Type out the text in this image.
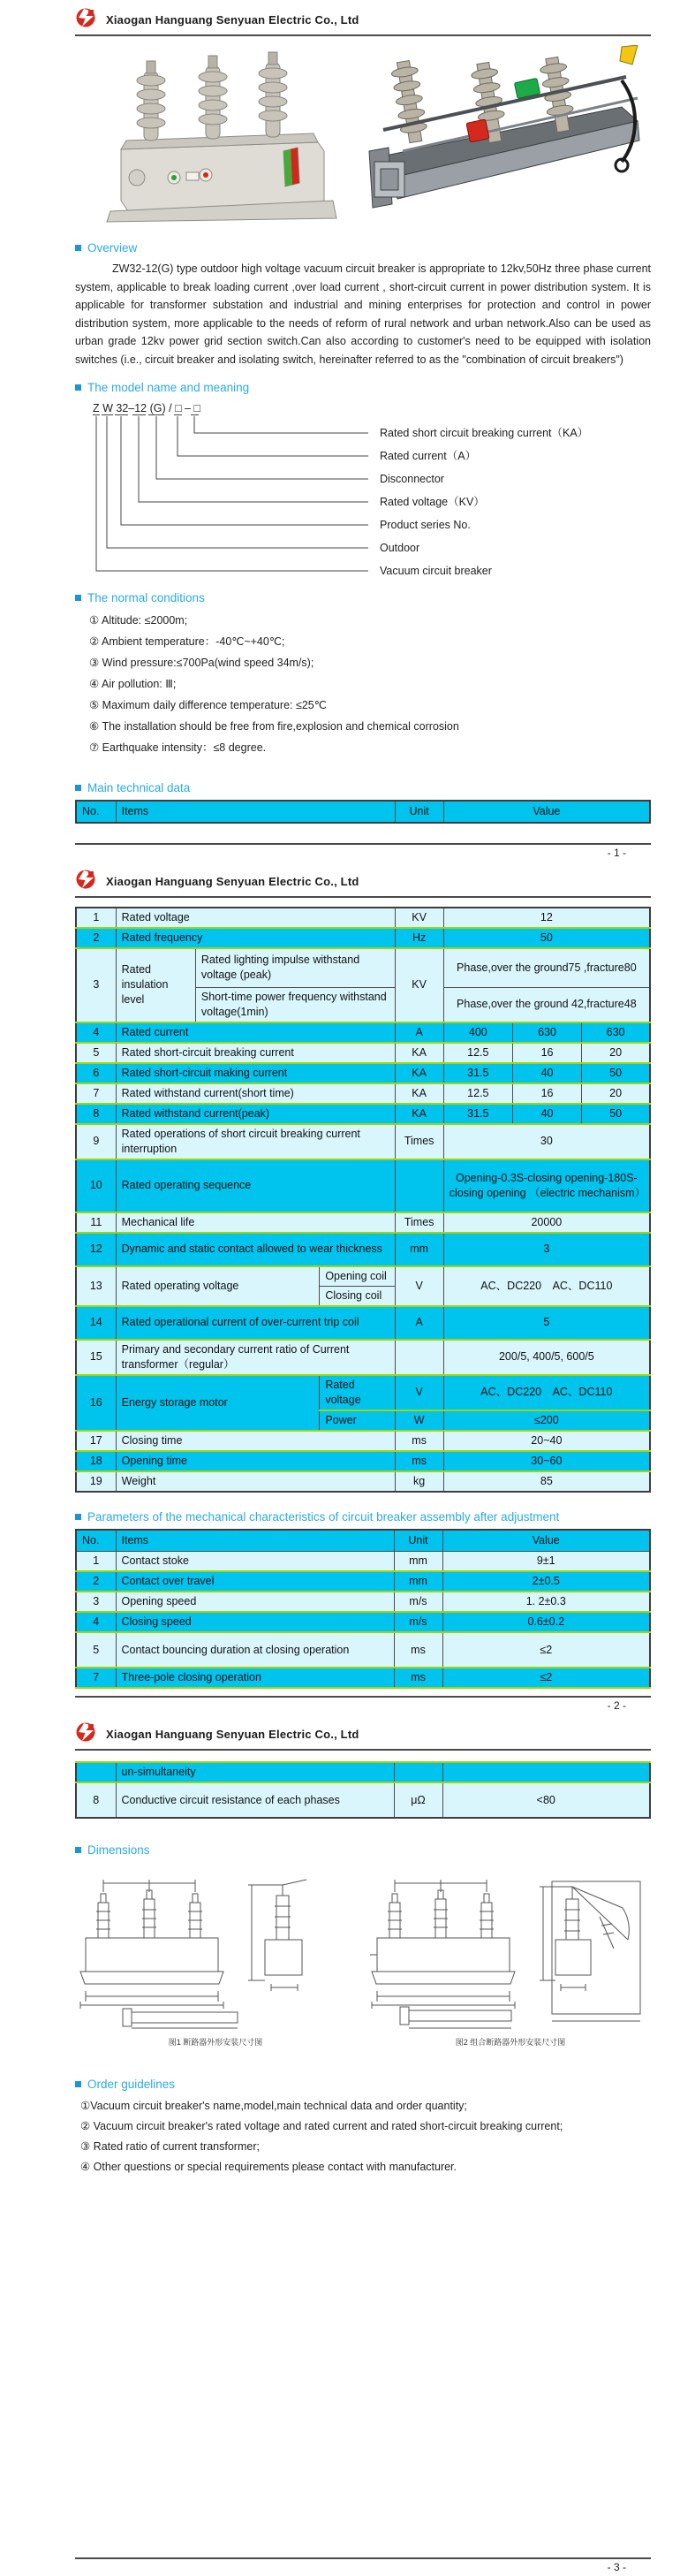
Xiaogan Hanguang Senyuan Electric Co., Ltd
Overview
ZW32-12(G) type outdoor high voltage vacuum circuit breaker is appropriate to 12kv,50Hz three phase current system, applicable to break loading current ,over load current , short-circuit current in power distribution system. It is applicable for transformer substation and industrial and mining enterprises for protection and control in power distribution system, more applicable to the needs of reform of rural network and urban network.Also can be used as urban grade 12kv power grid section switch.Can also according to customer's need to be equipped with isolation switches (i.e., circuit breaker and isolating switch, hereinafter referred to as the "combination of circuit breakers")
The model name and meaning
Z W 32–12 (G) / □ – □
Rated short circuit breaking current（KA）
Rated current（A）
Disconnector
Rated voltage（KV）
Product series No.
Outdoor
Vacuum circuit breaker
The normal conditions
① Altitude: ≤2000m;
② Ambient temperature：-40℃~+40℃;
③ Wind pressure:≤700Pa(wind speed 34m/s);
④ Air pollution: Ⅲ;
⑤ Maximum daily difference temperature: ≤25℃
⑥ The installation should be free from fire,explosion and chemical corrosion
⑦ Earthquake intensity：≤8 degree.
Main technical data
No.	Items	Unit	Value
- 1 -
Xiaogan Hanguang Senyuan Electric Co., Ltd
1	Rated voltage			KV	12		
2	Rated frequency			Hz	50		
3	Rated insulation level	Rated lighting impulse withstand voltage (peak)		KV	Phase,over the ground75 ,fracture80		
		Short-time power frequency withstand voltage(1min)			Phase,over the ground 42,fracture48		
4	Rated current			A	400	630	630
5	Rated short-circuit breaking current			KA	12.5	16	20
6	Rated short-circuit making current			KA	31.5	40	50
7	Rated withstand current(short time)			KA	12.5	16	20
8	Rated withstand current(peak)			KA	31.5	40	50
9	Rated operations of short circuit breaking current interruption			Times	30		
10	Rated operating sequence				Opening-0.3S-closing opening-180S-closing opening （electric mechanism）		
11	Mechanical life			Times	20000		
12	Dynamic and static contact allowed to wear thickness			mm	3		
13	Rated operating voltage		Opening coil	V	AC、DC220　AC、DC110		
			Closing coil				
14	Rated operational current of over-current trip coil			A	5		
15	Primary and secondary current ratio of Current transformer（regular）				200/5, 400/5, 600/5		
16	Energy storage motor		Rated voltage	V	AC、DC220　AC、DC110		
			Power	W	≤200		
17	Closing time			ms	20~40		
18	Opening time			ms	30~60		
19	Weight			kg	85		
Parameters of the mechanical characteristics of circuit breaker assembly after adjustment
No.	Items	Unit	Value
1	Contact stoke	mm	9±1
2	Contact over travel	mm	2±0.5
3	Opening speed	m/s	1. 2±0.3
4	Closing speed	m/s	0.6±0.2
5	Contact bouncing duration at closing operation	ms	≤2
7	Three-pole closing operation	ms	≤2
- 2 -
Xiaogan Hanguang Senyuan Electric Co., Ltd
	un-simultaneity		
8	Conductive circuit resistance of each phases	μΩ	<80
Dimensions
图1 断路器外形安装尺寸图	图2 组合断路器外形安装尺寸图
Order guidelines
①Vacuum circuit breaker's name,model,main technical data and order quantity;
② Vacuum circuit breaker's rated voltage and rated current and rated short-circuit breaking current;
③ Rated ratio of current transformer;
④ Other questions or special requirements please contact with manufacturer.
- 3 -
